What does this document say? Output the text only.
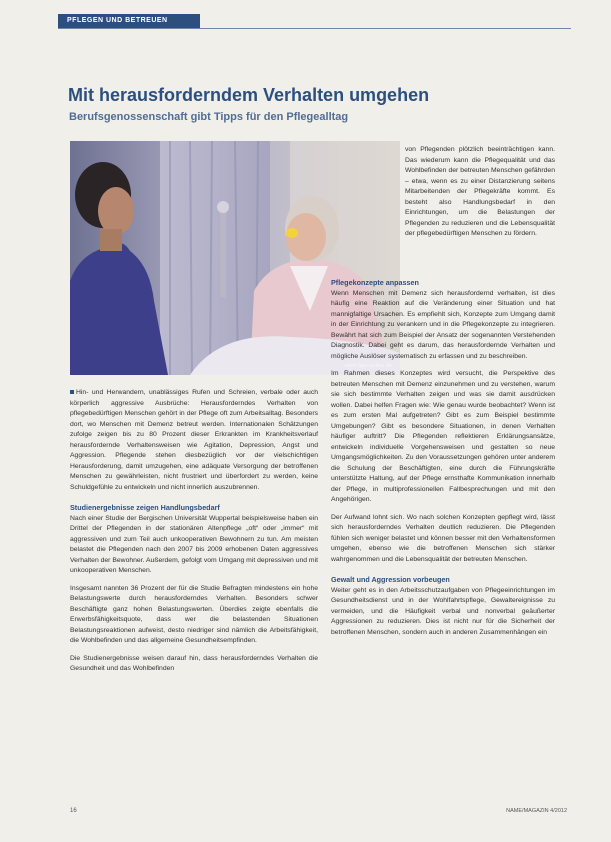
PFLEGEN UND BETREUEN
Mit herausforderndem Verhalten umgehen
Berufsgenossenschaft gibt Tipps für den Pflegealltag
www.bgw-online.de

von Pflegenden plötzlich beeinträchtigen kann. Das wiederum kann die Pflegequalität und das Wohlbefinden der betreuten Menschen gefährden – etwa, wenn es zu einer Distanzierung seitens Mitarbeitenden der Pflegekräfte kommt. Es besteht also Handlungsbedarf in den Einrichtungen, um die Belastungen der Pflegenden zu reduzieren und die Lebensqualität der pflegebedürftigen Menschen zu fördern.

Hin- und Herwandern, unablässiges Rufen und Schreien, verbale oder auch körperlich aggressive Ausbrüche: Herausforderndes Verhalten von pflegebedürftigen Menschen gehört in der Pflege oft zum Arbeitsalltag. Besonders dort, wo Menschen mit Demenz betreut werden. Internationalen Schätzungen zufolge zeigen bis zu 80 Prozent dieser Erkrankten im Krankheitsverlauf herausfordernde Verhaltensweisen wie Agitation, Depression, Angst und Aggression. Pflegende stehen diesbezüglich vor der vielschichtigen Herausforderung, damit umzugehen, eine adäquate Versorgung der betroffenen Menschen zu gewährleisten, nicht frustriert und überfordert zu werden, keine Schuldgefühle zu entwickeln und nicht innerlich auszubrennen.

Studienergebnisse zeigen Handlungsbedarf

Nach einer Studie der Bergischen Universität Wuppertal beispielsweise haben ein Drittel der Pflegenden in der stationären Altenpflege „oft“ oder „immer“ mit aggressiven und zum Teil auch unkooperativen Bewohnern zu tun. Am meisten belastet die Pflegenden nach den 2007 bis 2009 erhobenen Daten aggressives Verhalten der Bewohner. Außerdem, gefolgt vom Umgang mit depressiven und mit unkooperativen Menschen.

Insgesamt nannten 36 Prozent der für die Studie Befragten mindestens ein hohe Belastungswerte durch herausforderndes Verhalten. Besonders schwer Beschäftigte ganz hohen Belastungswerten. Überdies zeigte ebenfalls die Erwerbsfähigkeitsquote, dass wer die belastenden Situationen Belastungsreaktionen aufweist, desto niedriger sind nämlich die Arbeitsfähigkeit, die Wohlbefinden und das allgemeine Gesundheitsempfinden.

Die Studienergebnisse weisen darauf hin, dass herausforderndes Verhalten die Gesundheit und das Wohlbefinden

Pflegekonzepte anpassen

Wenn Menschen mit Demenz sich herausfordernd verhalten, ist dies häufig eine Reaktion auf die Veränderung einer Situation und hat mannigfaltige Ursachen. Es empfiehlt sich, Konzepte zum Umgang damit in der Einrichtung zu verankern und in die Pflegekonzepte zu integrieren. Bewährt hat sich zum Beispiel der Ansatz der sogenannten Verstehenden Diagnostik. Dabei geht es darum, das herausfordernde Verhalten und mögliche Auslöser systematisch zu erfassen und zu beschreiben.

Im Rahmen dieses Konzeptes wird versucht, die Perspektive des betreuten Menschen mit Demenz einzunehmen und zu verstehen, warum sie sich bestimmte Verhalten zeigen und was sie damit ausdrücken wollen. Dabei helfen Fragen wie: Wie genau wurde beobachtet? Wenn ist es zum ersten Mal aufgetreten? Gibt es zum Beispiel bestimmte Umgebungen? Gibt es besondere Situationen, in denen Verhalten häufiger auftritt? Die Pflegenden reflektieren Erklärungsansätze, entwickeln individuelle Vorgehensweisen und gestalten so neue Umgangsmöglichkeiten. Zu den Voraussetzungen gehören unter anderem die Schulung der Beschäftigten, eine durch die Führungskräfte unterstützte Haltung, auf der Pflege ernsthafte Kommunikation innerhalb der Pflege, in multiprofessionellen Fallbesprechungen und mit den Angehörigen.

Der Aufwand lohnt sich. Wo nach solchen Konzepten gepflegt wird, lässt sich herausforderndes Verhalten deutlich reduzieren. Die Pflegenden fühlen sich weniger belastet und können besser mit den Verhaltensformen umgehen, ebenso wie die betroffenen Menschen sich stärker wahrgenommen und die Lebensqualität der betreuten Menschen.

Gewalt und Aggression vorbeugen

Weiter geht es in den Arbeitsschutzaufgaben von Pflegeeinrichtungen im Gesundheitsdienst und in der Wohlfahrtspflege, Gewaltereignisse zu vermeiden, und die Häufigkeit verbal und nonverbal geäußerter Aggressionen zu reduzieren. Dies ist nicht nur für die Sicherheit der betroffenen Menschen, sondern auch in anderen Zusammenhängen ein

16	NAME/MAGAZIN 4/2012
